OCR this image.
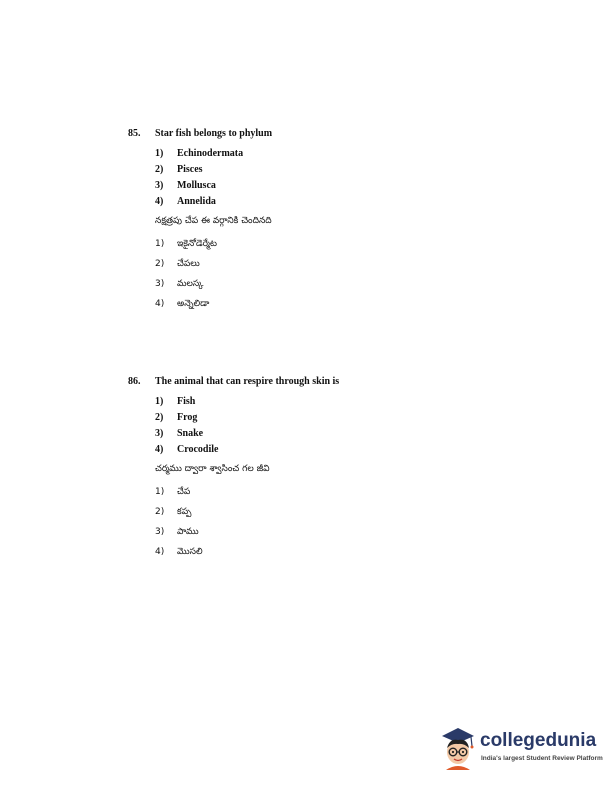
85. Star fish belongs to phylum
1) Echinodermata
2) Pisces
3) Mollusca
4) Annelida
నక్షత్రపు చేప ఈ వర్గానికి చెందినది
1) ఇకైనోడెర్మేట
2) చేపలు
3) మలస్క
4) అన్నెలిడా
86. The animal that can respire through skin is
1) Fish
2) Frog
3) Snake
4) Crocodile
చర్మము ద్వారా శ్వాసించ గల జీవి
1) చేప
2) కప్ప
3) పాము
4) మొసలి
collegedunia
India's largest Student Review Platform
